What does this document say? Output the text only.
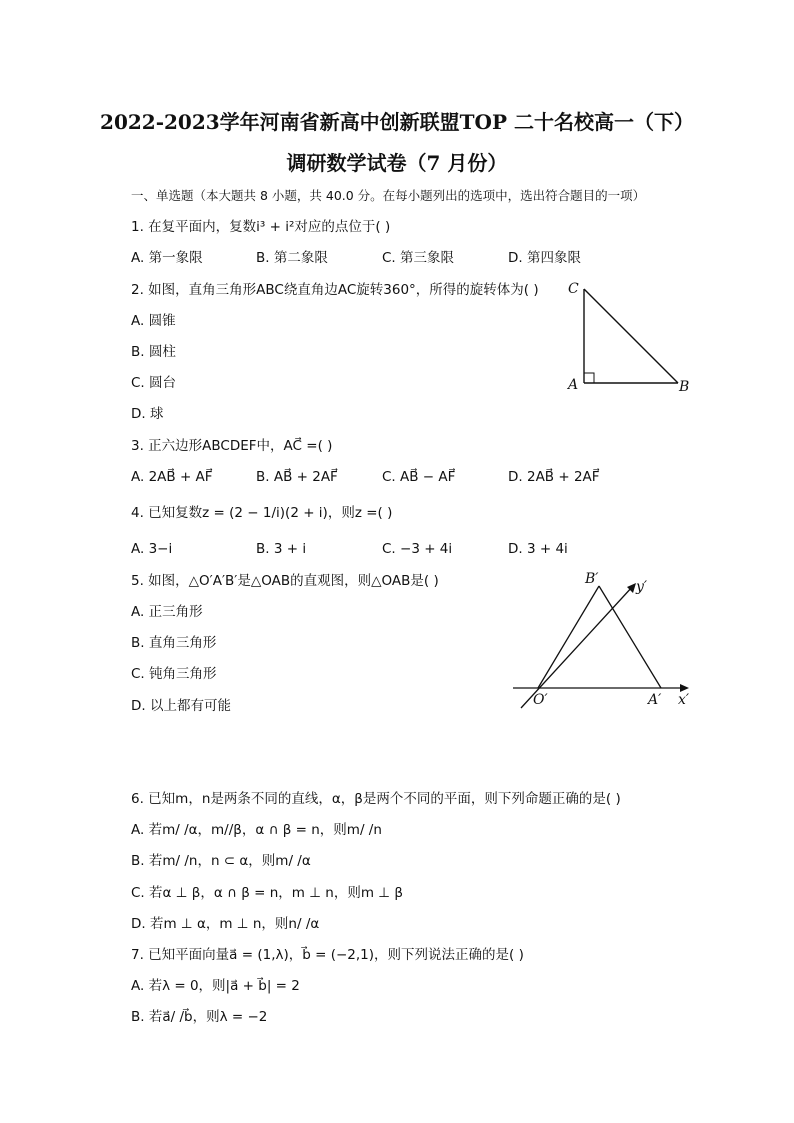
2022-2023学年河南省新高中创新联盟TOP 二十名校高一（下）
调研数学试卷（7 月份）
一、单选题（本大题共 8 小题，共 40.0 分。在每小题列出的选项中，选出符合题目的一项）
1. 在复平面内，复数i³ + i²对应的点位于( )
A. 第一象限	B. 第二象限	C. 第三象限	D. 第四象限
2. 如图，直角三角形ABC绕直角边AC旋转360°，所得的旋转体为( )
A. 圆锥
B. 圆柱
C. 圆台
D. 球
C
A	B
3. 正六边形ABCDEF中，AC⃗ =( )
A. 2AB⃗ + AF⃗	B. AB⃗ + 2AF⃗	C. AB⃗ − AF⃗	D. 2AB⃗ + 2AF⃗
4. 已知复数z = (2 − 1/i)(2 + i)，则z =( )
A. 3−i	B. 3 + i	C. −3 + 4i	D. 3 + 4i
5. 如图，△O′A′B′是△OAB的直观图，则△OAB是( )
A. 正三角形
B. 直角三角形
C. 钝角三角形
D. 以上都有可能
B′	y′
O′	A′ x′
6. 已知m，n是两条不同的直线，α，β是两个不同的平面，则下列命题正确的是( )
A. 若m/ /α，m//β，α ∩ β = n，则m/ /n
B. 若m/ /n，n ⊂ α，则m/ /α
C. 若α ⊥ β，α ∩ β = n，m ⊥ n，则m ⊥ β
D. 若m ⊥ α，m ⊥ n，则n/ /α
7. 已知平面向量a⃗ = (1,λ)，b⃗ = (−2,1)，则下列说法正确的是( )
A. 若λ = 0，则|a⃗ + b⃗| = 2
B. 若a⃗/ /b⃗，则λ = −2
